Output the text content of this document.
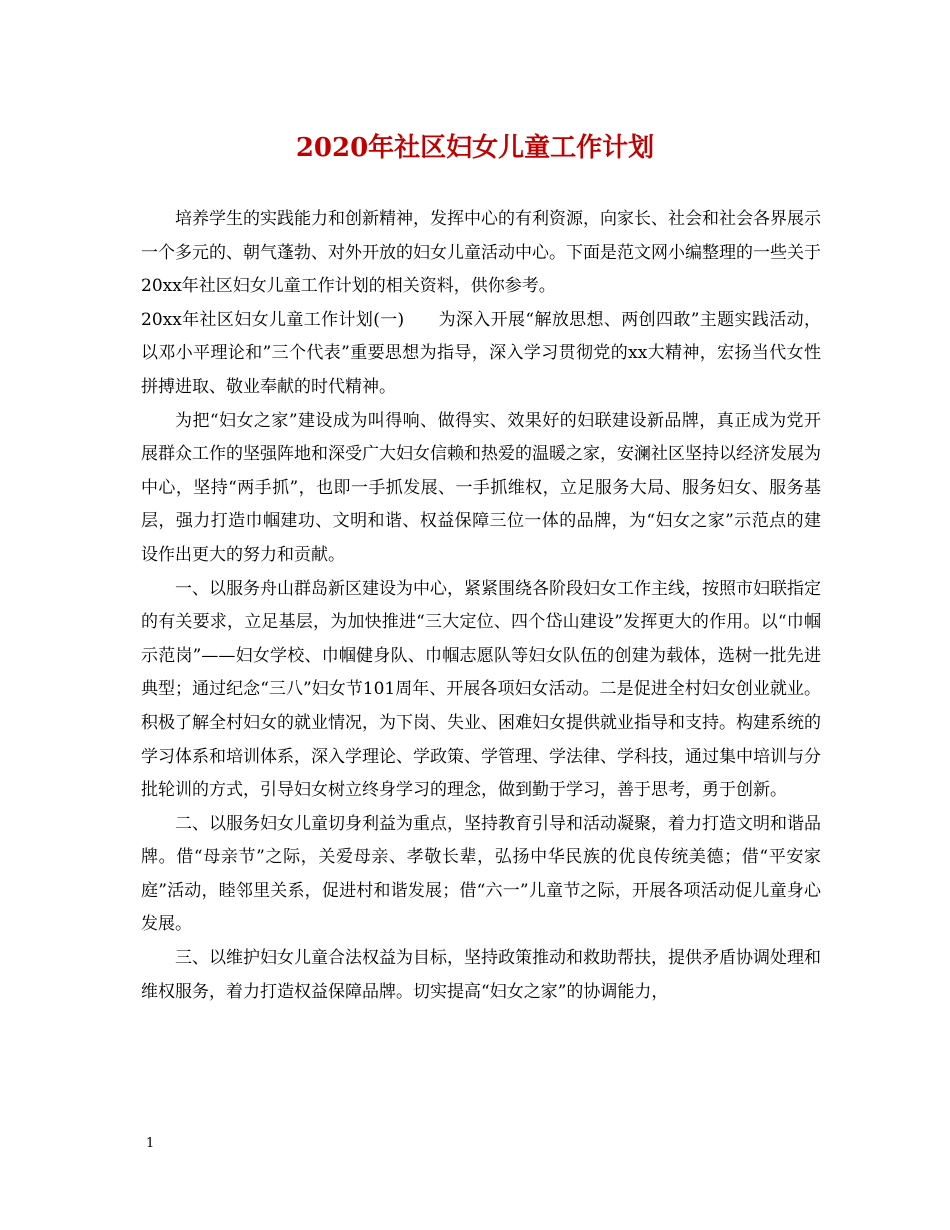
2020年社区妇女儿童工作计划

培养学生的实践能力和创新精神，发挥中心的有利资源，向家长、社会和社会各界展示一个多元的、朝气蓬勃、对外开放的妇女儿童活动中心。下面是范文网小编整理的一些关于20xx年社区妇女儿童工作计划的相关资料，供你参考。

20xx年社区妇女儿童工作计划(一) 为深入开展“解放思想、两创四敢”主题实践活动，以邓小平理论和”三个代表”重要思想为指导，深入学习贯彻党的xx大精神，宏扬当代女性拼搏进取、敬业奉献的时代精神。

为把“妇女之家”建设成为叫得响、做得实、效果好的妇联建设新品牌，真正成为党开展群众工作的坚强阵地和深受广大妇女信赖和热爱的温暖之家，安澜社区坚持以经济发展为中心，坚持“两手抓”，也即一手抓发展、一手抓维权，立足服务大局、服务妇女、服务基层，强力打造巾帼建功、文明和谐、权益保障三位一体的品牌，为“妇女之家”示范点的建设作出更大的努力和贡献。

一、以服务舟山群岛新区建设为中心，紧紧围绕各阶段妇女工作主线，按照市妇联指定的有关要求，立足基层，为加快推进“三大定位、四个岱山建设”发挥更大的作用。以“巾帼示范岗”——妇女学校、巾帼健身队、巾帼志愿队等妇女队伍的创建为载体，选树一批先进典型；通过纪念“三八”妇女节101周年、开展各项妇女活动。二是促进全村妇女创业就业。积极了解全村妇女的就业情况，为下岗、失业、困难妇女提供就业指导和支持。构建系统的学习体系和培训体系，深入学理论、学政策、学管理、学法律、学科技，通过集中培训与分批轮训的方式，引导妇女树立终身学习的理念，做到勤于学习，善于思考，勇于创新。

二、以服务妇女儿童切身利益为重点，坚持教育引导和活动凝聚，着力打造文明和谐品牌。借“母亲节”之际，关爱母亲、孝敬长辈，弘扬中华民族的优良传统美德；借“平安家庭”活动，睦邻里关系，促进村和谐发展；借“六一”儿童节之际，开展各项活动促儿童身心发展。

三、以维护妇女儿童合法权益为目标，坚持政策推动和救助帮扶，提供矛盾协调处理和维权服务，着力打造权益保障品牌。切实提高“妇女之家”的协调能力，

1
